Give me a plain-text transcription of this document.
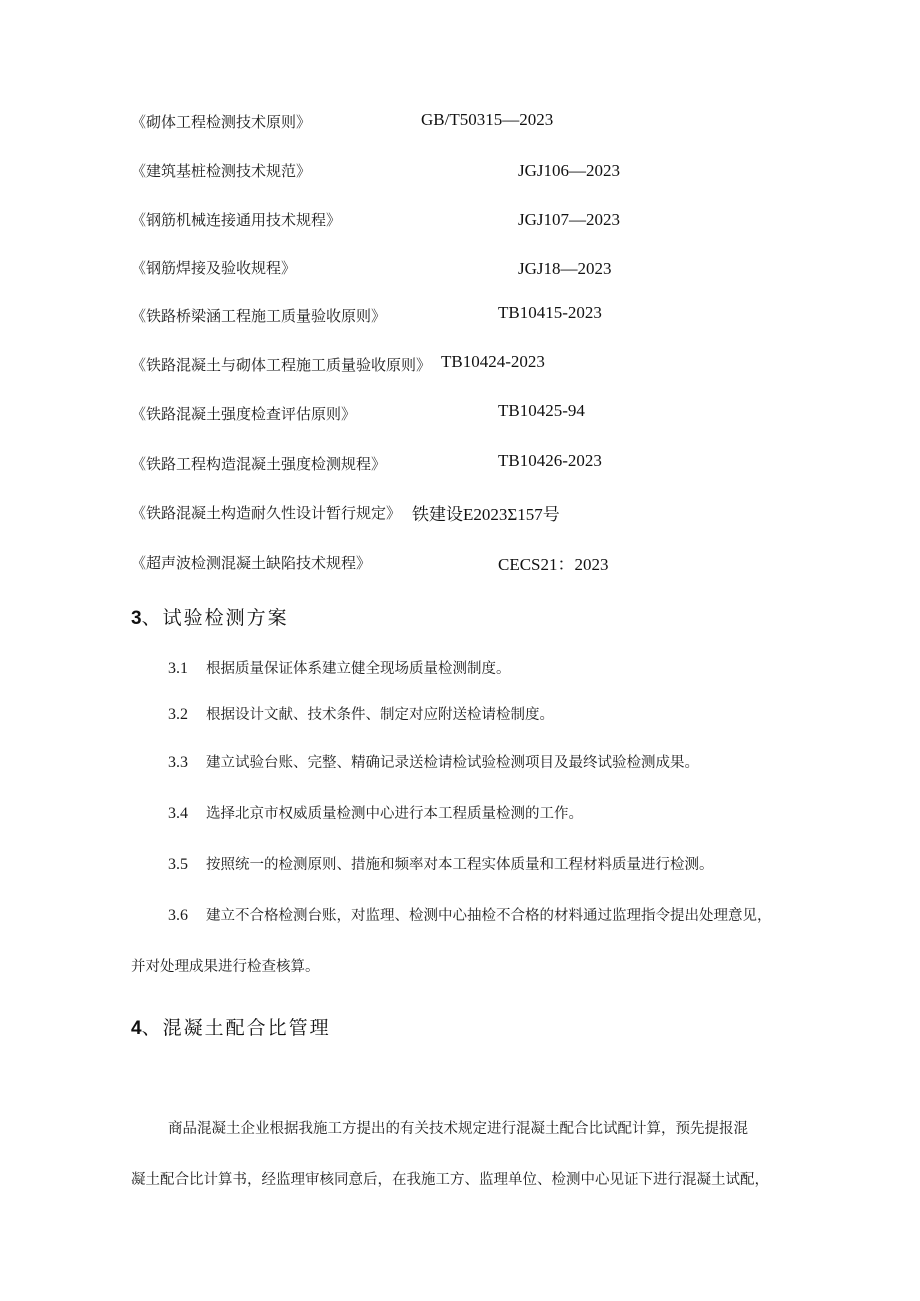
《砌体工程检测技术原则》	GB/T50315—2023
《建筑基桩检测技术规范》	JGJ106—2023
《钢筋机械连接通用技术规程》	JGJ107—2023
《钢筋焊接及验收规程》	JGJ18—2023
《铁路桥梁涵工程施工质量验收原则》	TB10415-2023
《铁路混凝土与砌体工程施工质量验收原则》 TB10424-2023
《铁路混凝土强度检查评估原则》	TB10425-94
《铁路工程构造混凝土强度检测规程》	TB10426-2023
《铁路混凝土构造耐久性设计暂行规定》 铁建设E2023Σ157号
《超声波检测混凝土缺陷技术规程》	CECS21：2023
3、试验检测方案
3.1 根据质量保证体系建立健全现场质量检测制度。
3.2 根据设计文献、技术条件、制定对应附送检请检制度。
3.3 建立试验台账、完整、精确记录送检请检试验检测项目及最终试验检测成果。
3.4 选择北京市权威质量检测中心进行本工程质量检测的工作。
3.5 按照统一的检测原则、措施和频率对本工程实体质量和工程材料质量进行检测。
3.6 建立不合格检测台账，对监理、检测中心抽检不合格的材料通过监理指令提出处理意见，
并对处理成果进行检查核算。
4、混凝土配合比管理
商品混凝土企业根据我施工方提出的有关技术规定进行混凝土配合比试配计算，预先提报混
凝土配合比计算书，经监理审核同意后，在我施工方、监理单位、检测中心见证下进行混凝土试配，
